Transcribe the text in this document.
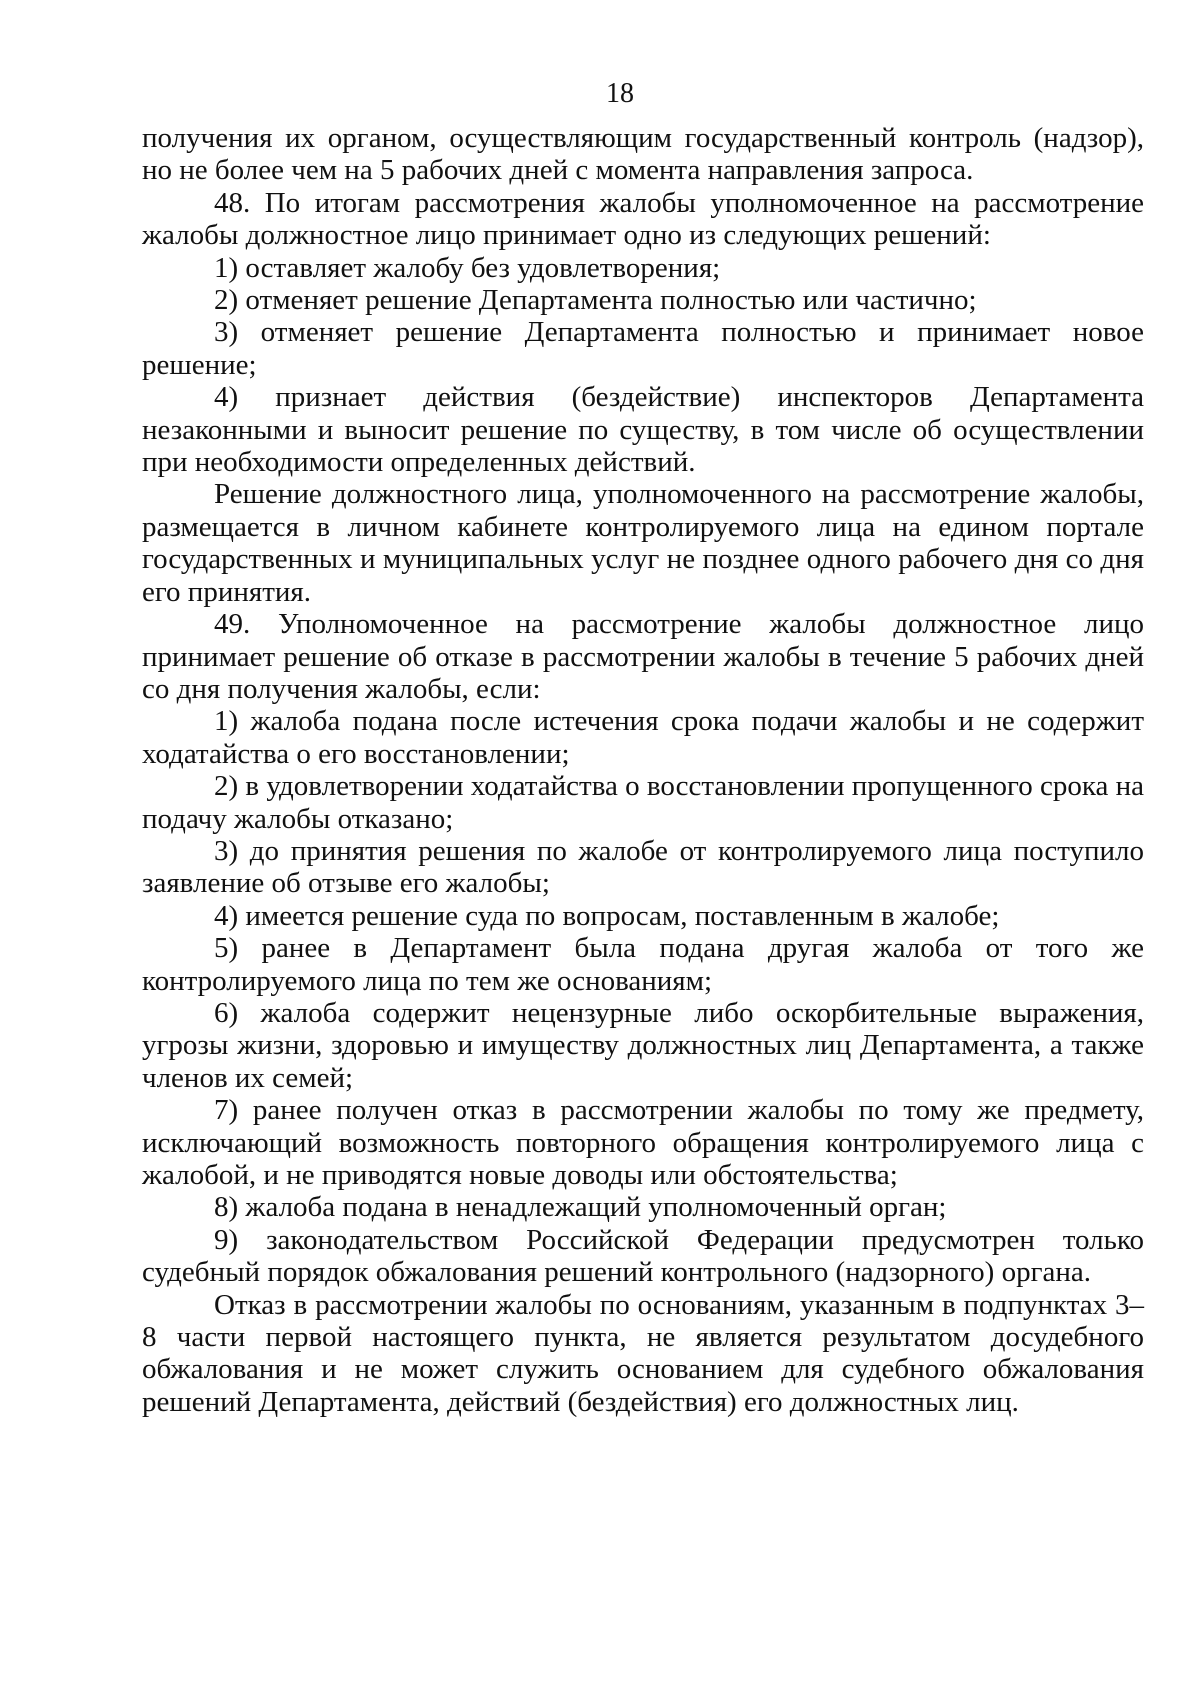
18

получения их органом, осуществляющим государственный контроль (надзор), но не более чем на 5 рабочих дней с момента направления запроса.

48. По итогам рассмотрения жалобы уполномоченное на рассмотрение жалобы должностное лицо принимает одно из следующих решений:

1) оставляет жалобу без удовлетворения;

2) отменяет решение Департамента полностью или частично;

3) отменяет решение Департамента полностью и принимает новое решение;

4) признает действия (бездействие) инспекторов Департамента незаконными и выносит решение по существу, в том числе об осуществлении при необходимости определенных действий.

Решение должностного лица, уполномоченного на рассмотрение жалобы, размещается в личном кабинете контролируемого лица на едином портале государственных и муниципальных услуг не позднее одного рабочего дня со дня его принятия.

49. Уполномоченное на рассмотрение жалобы должностное лицо принимает решение об отказе в рассмотрении жалобы в течение 5 рабочих дней со дня получения жалобы, если:

1) жалоба подана после истечения срока подачи жалобы и не содержит ходатайства о его восстановлении;

2) в удовлетворении ходатайства о восстановлении пропущенного срока на подачу жалобы отказано;

3) до принятия решения по жалобе от контролируемого лица поступило заявление об отзыве его жалобы;

4) имеется решение суда по вопросам, поставленным в жалобе;

5) ранее в Департамент была подана другая жалоба от того же контролируемого лица по тем же основаниям;

6) жалоба содержит нецензурные либо оскорбительные выражения, угрозы жизни, здоровью и имуществу должностных лиц Департамента, а также членов их семей;

7) ранее получен отказ в рассмотрении жалобы по тому же предмету, исключающий возможность повторного обращения контролируемого лица с жалобой, и не приводятся новые доводы или обстоятельства;

8) жалоба подана в ненадлежащий уполномоченный орган;

9) законодательством Российской Федерации предусмотрен только судебный порядок обжалования решений контрольного (надзорного) органа.

Отказ в рассмотрении жалобы по основаниям, указанным в подпунктах 3–8 части первой настоящего пункта, не является результатом досудебного обжалования и не может служить основанием для судебного обжалования решений Департамента, действий (бездействия) его должностных лиц.
